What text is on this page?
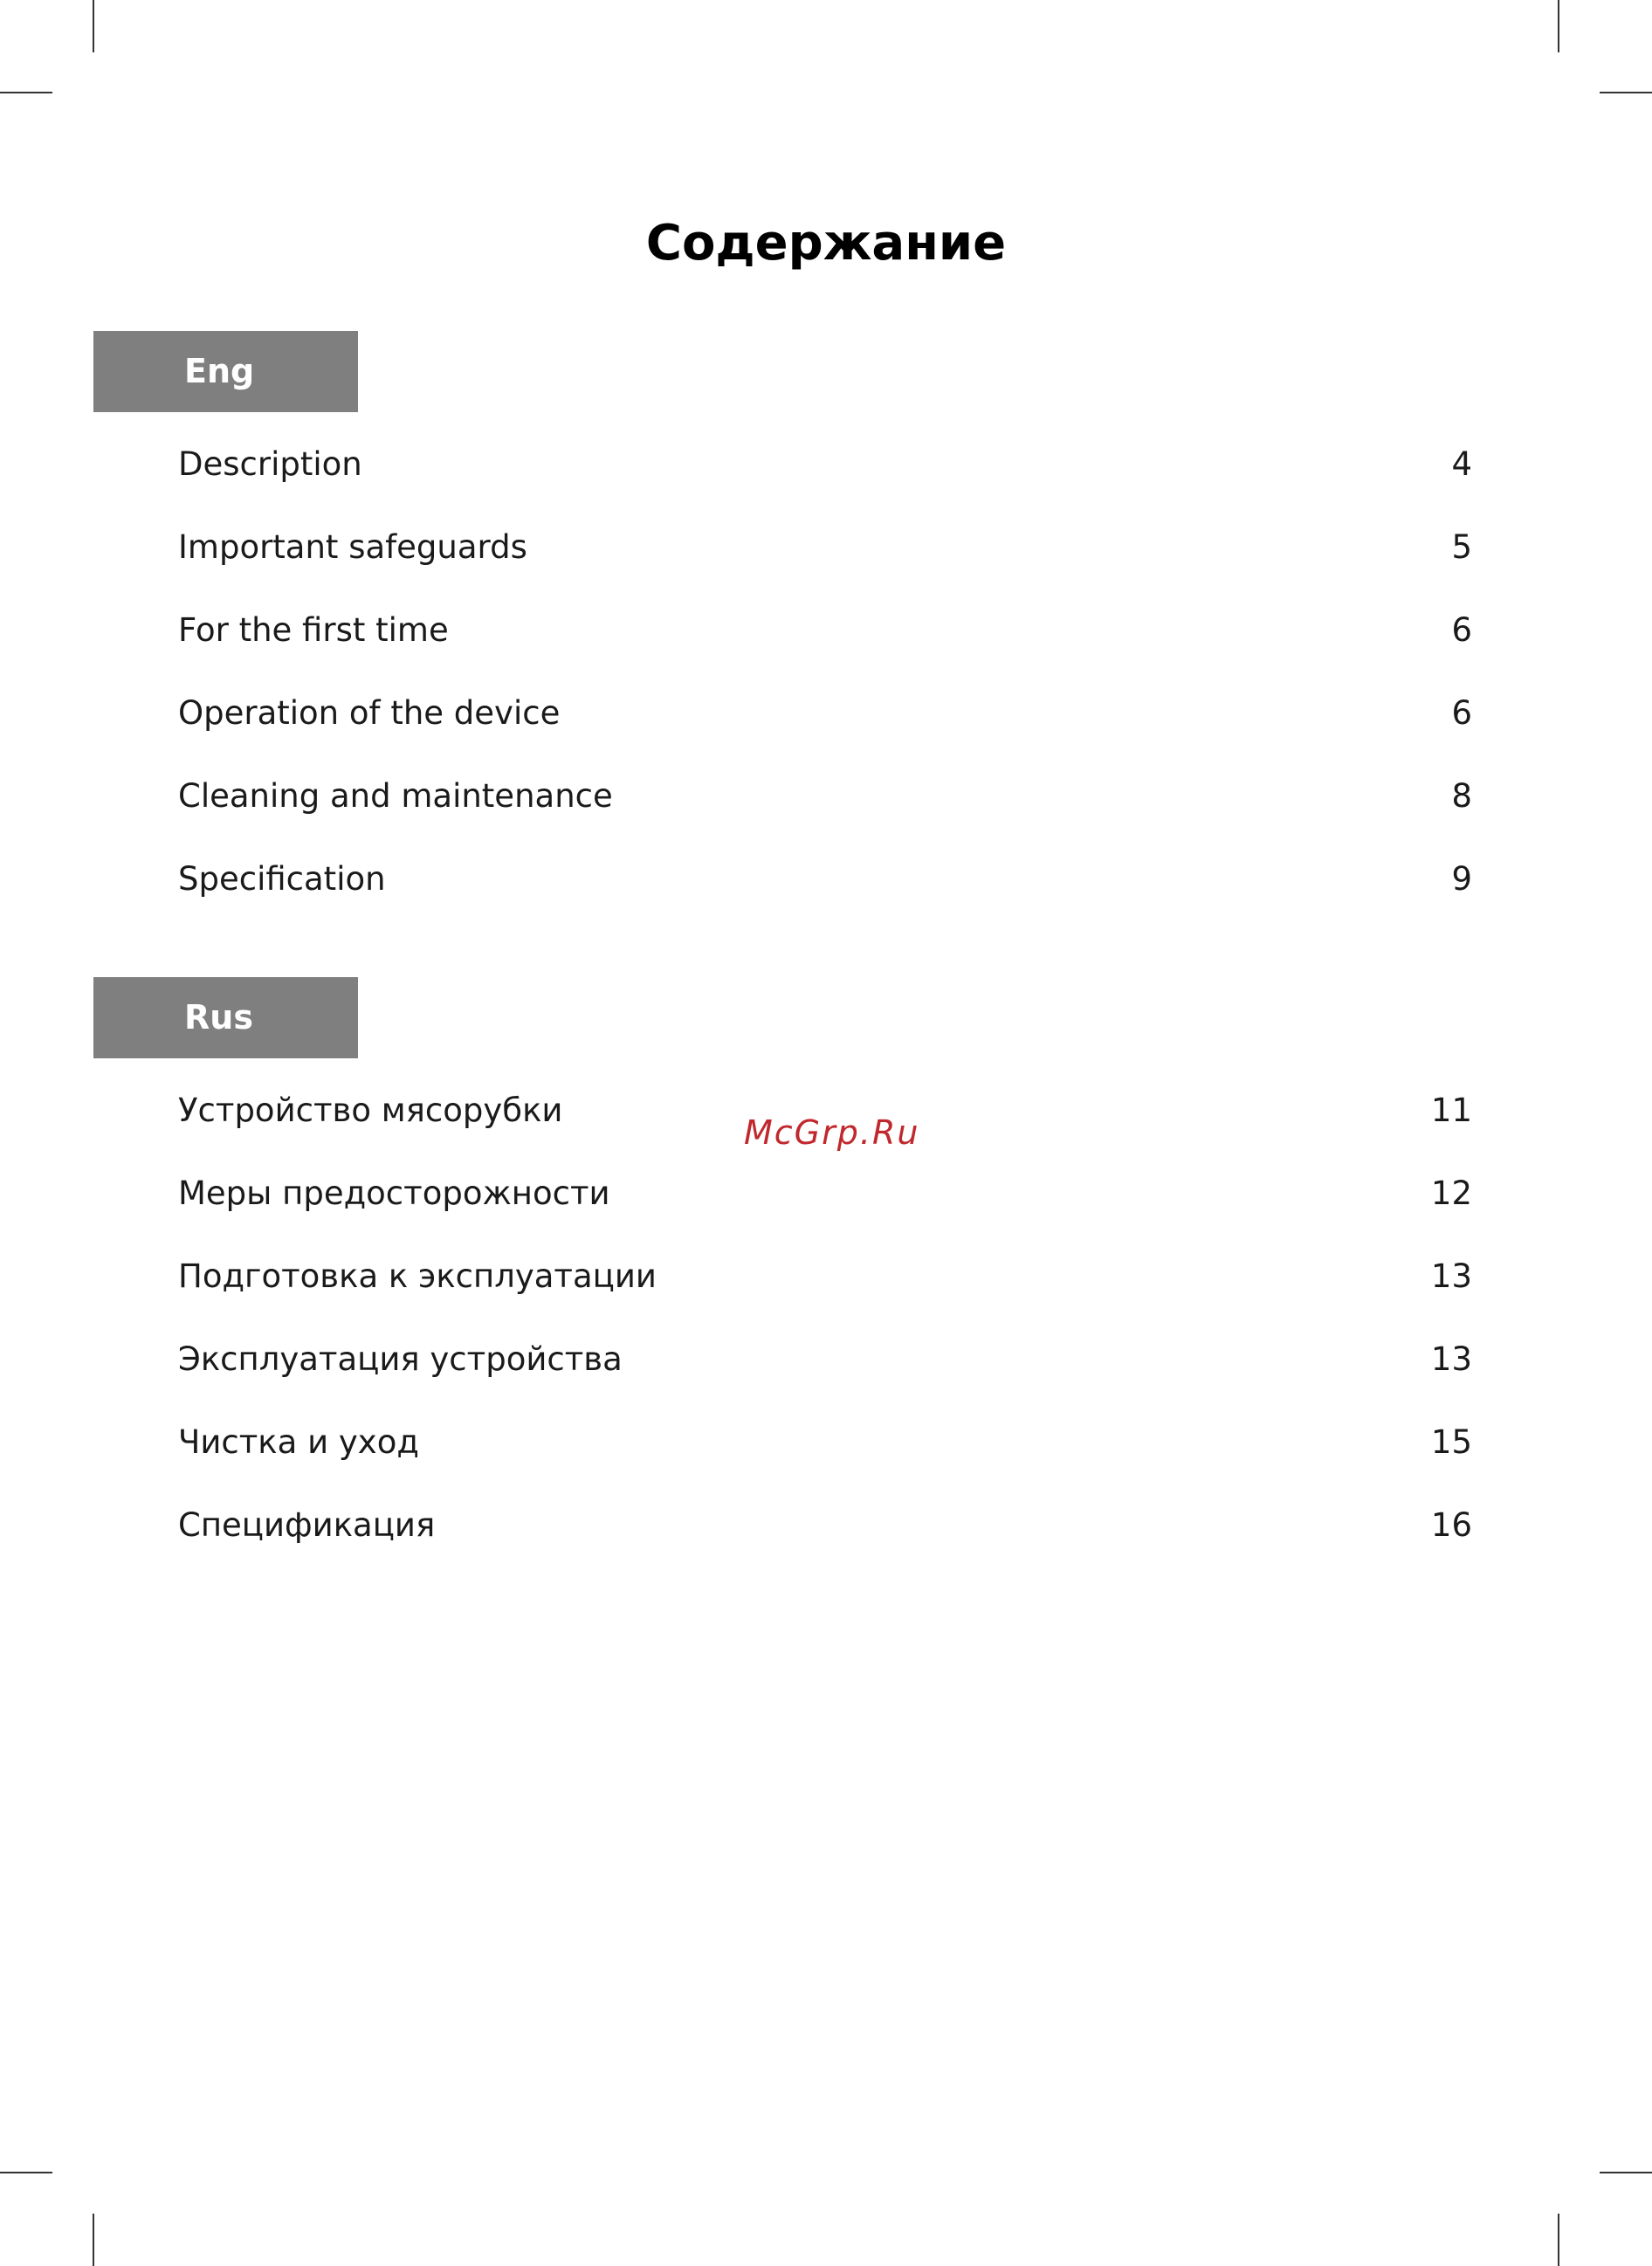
Содержание
Eng
Description	4
Important safeguards	5
For the first time	6
Operation of the device	6
Cleaning and maintenance	8
Specification	9
Rus
Устройство мясорубки	11
Меры предосторожности	12
Подготовка к эксплуатации	13
Эксплуатация устройства	13
Чистка и уход	15
Спецификация	16
McGrp.Ru
